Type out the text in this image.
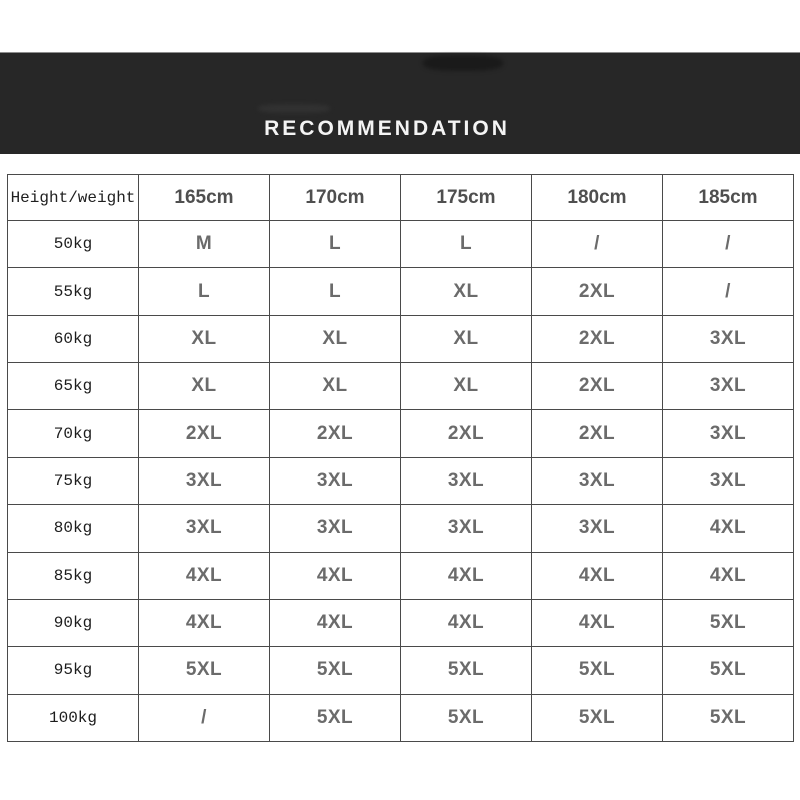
RECOMMENDATION
Height/weight	165cm	170cm	175cm	180cm	185cm
50kg	M	L	L	/	/
55kg	L	L	XL	2XL	/
60kg	XL	XL	XL	2XL	3XL
65kg	XL	XL	XL	2XL	3XL
70kg	2XL	2XL	2XL	2XL	3XL
75kg	3XL	3XL	3XL	3XL	3XL
80kg	3XL	3XL	3XL	3XL	4XL
85kg	4XL	4XL	4XL	4XL	4XL
90kg	4XL	4XL	4XL	4XL	5XL
95kg	5XL	5XL	5XL	5XL	5XL
100kg	/	5XL	5XL	5XL	5XL
